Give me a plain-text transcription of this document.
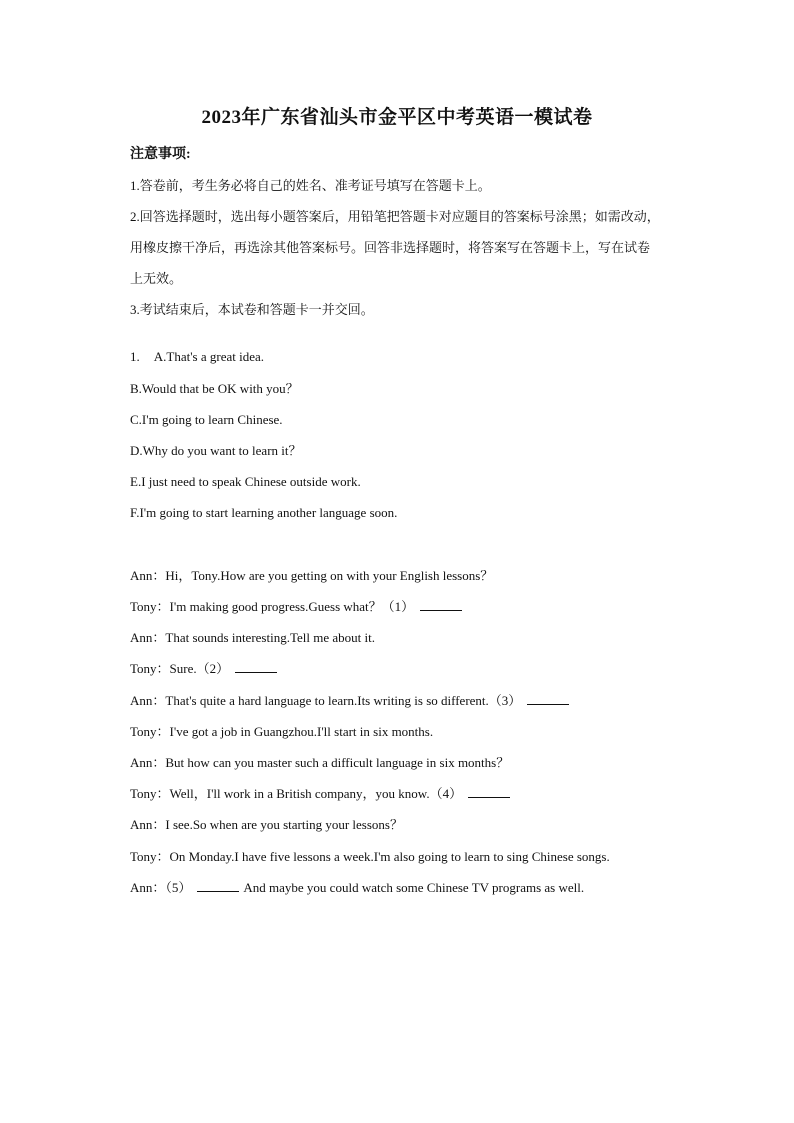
2023年广东省汕头市金平区中考英语一模试卷
注意事项:
1.答卷前，考生务必将自己的姓名、准考证号填写在答题卡上。
2.回答选择题时，选出每小题答案后，用铅笔把答题卡对应题目的答案标号涂黑；如需改动，
用橡皮擦干净后，再选涂其他答案标号。回答非选择题时，将答案写在答题卡上，写在试卷
上无效。
3.考试结束后，本试卷和答题卡一并交回。
1. A.That's a great idea.
B.Would that be OK with you？
C.I'm going to learn Chinese.
D.Why do you want to learn it？
E.I just need to speak Chinese outside work.
F.I'm going to start learning another language soon.
Ann：Hi，Tony.How are you getting on with your English lessons？
Tony：I'm making good progress.Guess what？（1）
Ann：That sounds interesting.Tell me about it.
Tony：Sure.（2）
Ann：That's quite a hard language to learn.Its writing is so different.（3）
Tony：I've got a job in Guangzhou.I'll start in six months.
Ann：But how can you master such a difficult language in six months？
Tony：Well，I'll work in a British company，you know.（4）
Ann：I see.So when are you starting your lessons？
Tony：On Monday.I have five lessons a week.I'm also going to learn to sing Chinese songs.
Ann：（5）	And maybe you could watch some Chinese TV programs as well.
